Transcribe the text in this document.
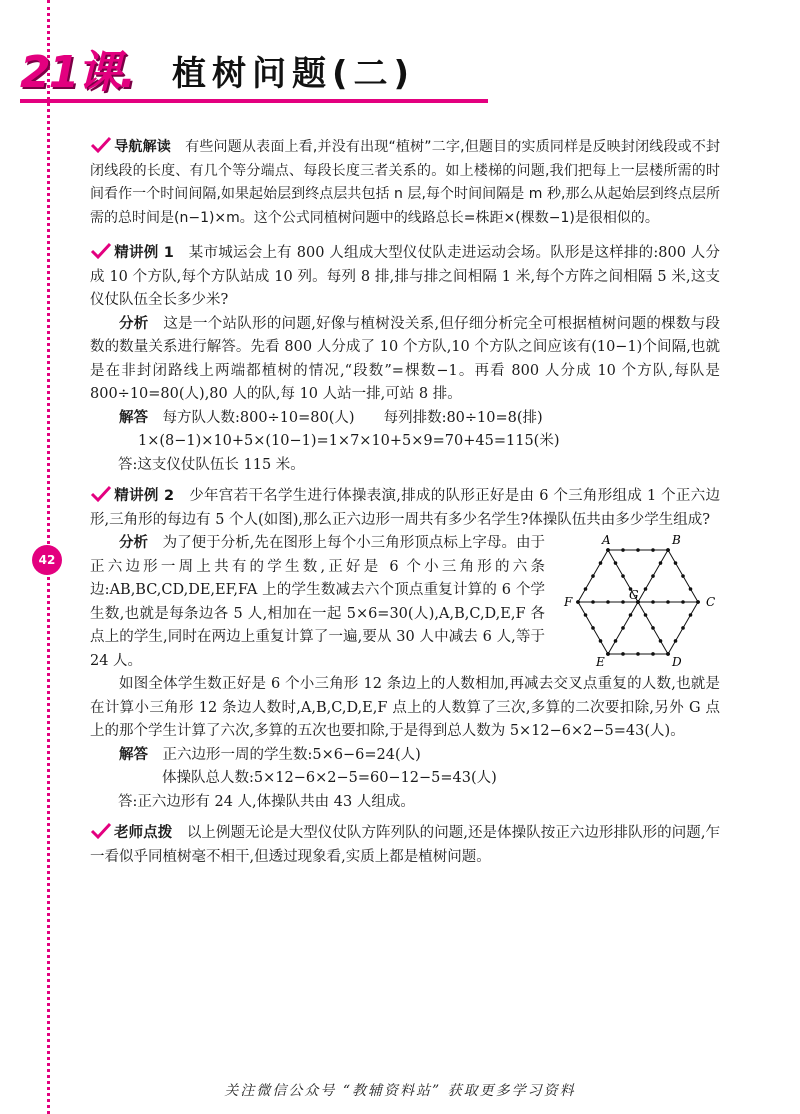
21课. 植树问题(二)
42

导航解读　 有些问题从表面上看,并没有出现“植树”二字,但题目的实质同样是反映封闭线段或不封闭线段的长度、有几个等分端点、每段长度三者关系的。如上楼梯的问题,我们把每上一层楼所需的时间看作一个时间间隔,如果起始层到终点层共包括 n 层,每个时间间隔是 m 秒,那么从起始层到终点层所需的总时间是(n−1)×m。这个公式同植树问题中的线路总长=株距×(棵数−1)是很相似的。

精讲例 1　 某市城运会上有 800 人组成大型仪仗队走进运动会场。队形是这样排的:800 人分成 10 个方队,每个方队站成 10 列。每列 8 排,排与排之间相隔 1 米,每个方阵之间相隔 5 米,这支仪仗队伍全长多少米?

分析　 这是一个站队形的问题,好像与植树没关系,但仔细分析完全可根据植树问题的棵数与段数的数量关系进行解答。先看 800 人分成了 10 个方队,10 个方队之间应该有(10−1)个间隔,也就是在非封闭路线上两端都植树的情况,“段数”=棵数−1。再看 800 人分成 10 个方队,每队是 800÷10=80(人),80 人的队,每 10 人站一排,可站 8 排。

解答　 每方队人数:800÷10=80(人)　　每列排数:80÷10=8(排)

1×(8−1)×10+5×(10−1)=1×7×10+5×9=70+45=115(米)

答:这支仪仗队伍长 115 米。

精讲例 2　 少年宫若干名学生进行体操表演,排成的队形正好是由 6 个三角形组成 1 个正六边形,三角形的每边有 5 个人(如图),那么正六边形一周共有多少名学生?体操队伍共由多少学生组成?

分析　 为了便于分析,先在图形上每个小三角形顶点标上字母。由于正六边形一周上共有的学生数,正好是 6 个小三角形的六条边:AB,BC,CD,DE,EF,FA 上的学生数减去六个顶点重复计算的 6 个学生数,也就是每条边各 5 人,相加在一起 5×6=30(人),A,B,C,D,E,F 各点上的学生,同时在两边上重复计算了一遍,要从 30 人中减去 6 人,等于 24 人。

如图全体学生数正好是 6 个小三角形 12 条边上的人数相加,再减去交叉点重复的人数,也就是在计算小三角形 12 条边人数时,A,B,C,D,E,F 点上的人数算了三次,多算的二次要扣除,另外 G 点上的那个学生计算了六次,多算的五次也要扣除,于是得到总人数为 5×12−6×2−5=43(人)。

解答　 正六边形一周的学生数:5×6−6=24(人)

体操队总人数:5×12−6×2−5=60−12−5=43(人)

答:正六边形有 24 人,体操队共由 43 人组成。

老师点拨　 以上例题无论是大型仪仗队方阵列队的问题,还是体操队按正六边形排队形的问题,乍一看似乎同植树毫不相干,但透过现象看,实质上都是植树问题。

A	B
C
D
E
F	G
关注微信公众号 “教辅资料站” 获取更多学习资料
